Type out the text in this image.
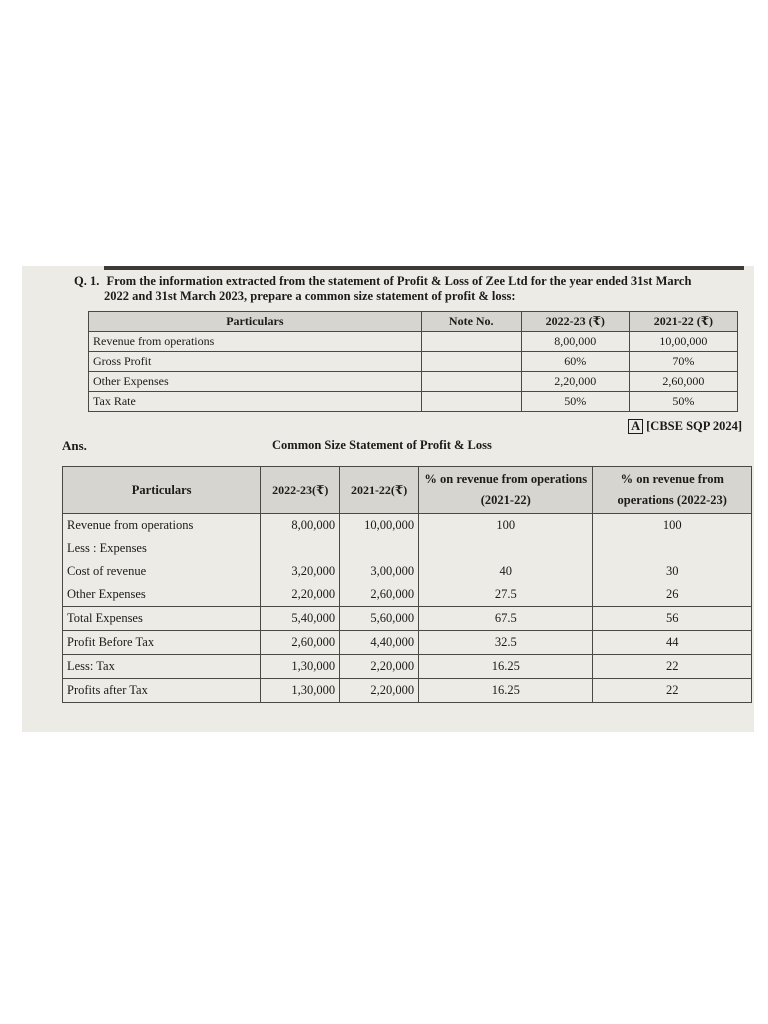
Q. 1. From the information extracted from the statement of Profit & Loss of Zee Ltd for the year ended 31st March
2022 and 31st March 2023, prepare a common size statement of profit & loss:
Particulars	Note No.	2022-23 (₹)	2021-22 (₹)
Revenue from operations		8,00,000	10,00,000
Gross Profit		60%	70%
Other Expenses		2,20,000	2,60,000
Tax Rate		50%	50%
A [CBSE SQP 2024]
Ans.	Common Size Statement of Profit & Loss
Particulars	2022-23(₹)	2021-22(₹)	% on revenue from operations (2021-22)	% on revenue from operations (2022-23)
Revenue from operations	8,00,000	10,00,000	100	100
Less : Expenses				
Cost of revenue	3,20,000	3,00,000	40	30
Other Expenses	2,20,000	2,60,000	27.5	26
Total Expenses	5,40,000	5,60,000	67.5	56
Profit Before Tax	2,60,000	4,40,000	32.5	44
Less: Tax	1,30,000	2,20,000	16.25	22
Profits after Tax	1,30,000	2,20,000	16.25	22
